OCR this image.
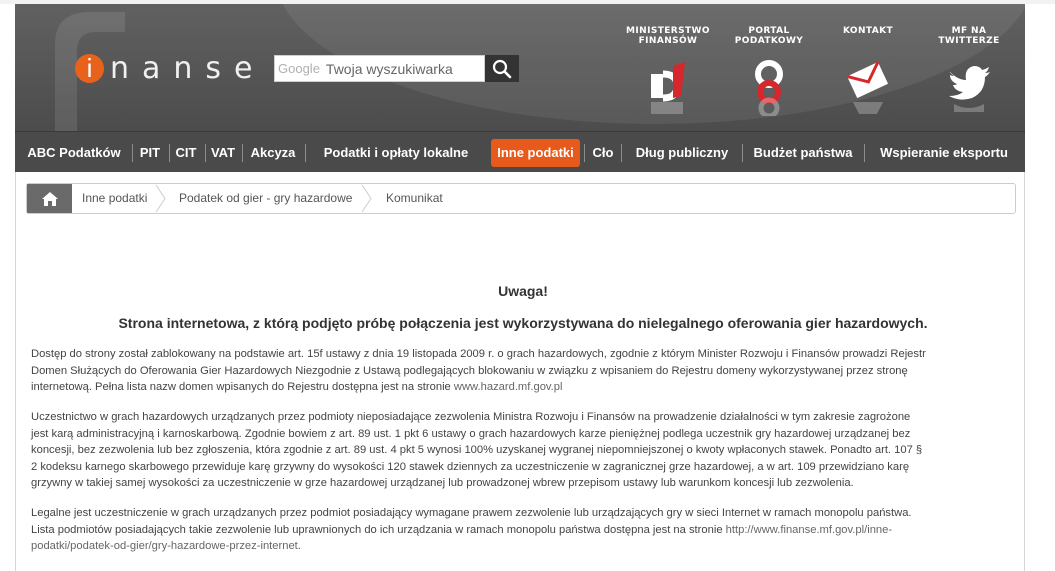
i nanse Google Twoja wyszukiwarka
MINISTERSTWO
FINANSÓW
PORTAL
PODATKOWY
KONTAKT	MF NA
TWITTERZE
ABC Podatków	PIT	CIT VAT	Akcyza	Podatki i opłaty lokalne	Inne podatki	Cło	Dług publiczny	Budżet państwa	Wspieranie eksportu
Inne podatki	Podatek od gier - gry hazardowe	Komunikat
Uwaga!
Strona internetowa, z którą podjęto próbę połączenia jest wykorzystywana do nielegalnego oferowania gier hazardowych.
Dostęp do strony został zablokowany na podstawie art. 15f ustawy z dnia 19 listopada 2009 r. o grach hazardowych, zgodnie z którym Minister Rozwoju i Finansów prowadzi Rejestr
Domen Służących do Oferowania Gier Hazardowych Niezgodnie z Ustawą podlegających blokowaniu w związku z wpisaniem do Rejestru domeny wykorzystywanej przez stronę
internetową. Pełna lista nazw domen wpisanych do Rejestru dostępna jest na stronie www.hazard.mf.gov.pl
Uczestnictwo w grach hazardowych urządzanych przez podmioty nieposiadające zezwolenia Ministra Rozwoju i Finansów na prowadzenie działalności w tym zakresie zagrożone
jest karą administracyjną i karnoskarbową. Zgodnie bowiem z art. 89 ust. 1 pkt 6 ustawy o grach hazardowych karze pieniężnej podlega uczestnik gry hazardowej urządzanej bez
koncesji, bez zezwolenia lub bez zgłoszenia, która zgodnie z art. 89 ust. 4 pkt 5 wynosi 100% uzyskanej wygranej niepomniejszonej o kwoty wpłaconych stawek. Ponadto art. 107 §
2 kodeksu karnego skarbowego przewiduje karę grzywny do wysokości 120 stawek dziennych za uczestniczenie w zagranicznej grze hazardowej, a w art. 109 przewidziano karę
grzywny w takiej samej wysokości za uczestniczenie w grze hazardowej urządzanej lub prowadzonej wbrew przepisom ustawy lub warunkom koncesji lub zezwolenia.
Legalne jest uczestniczenie w grach urządzanych przez podmiot posiadający wymagane prawem zezwolenie lub urządzających gry w sieci Internet w ramach monopolu państwa.
Lista podmiotów posiadających takie zezwolenie lub uprawnionych do ich urządzania w ramach monopolu państwa dostępna jest na stronie http://www.finanse.mf.gov.pl/inne-
podatki/podatek-od-gier/gry-hazardowe-przez-internet.
